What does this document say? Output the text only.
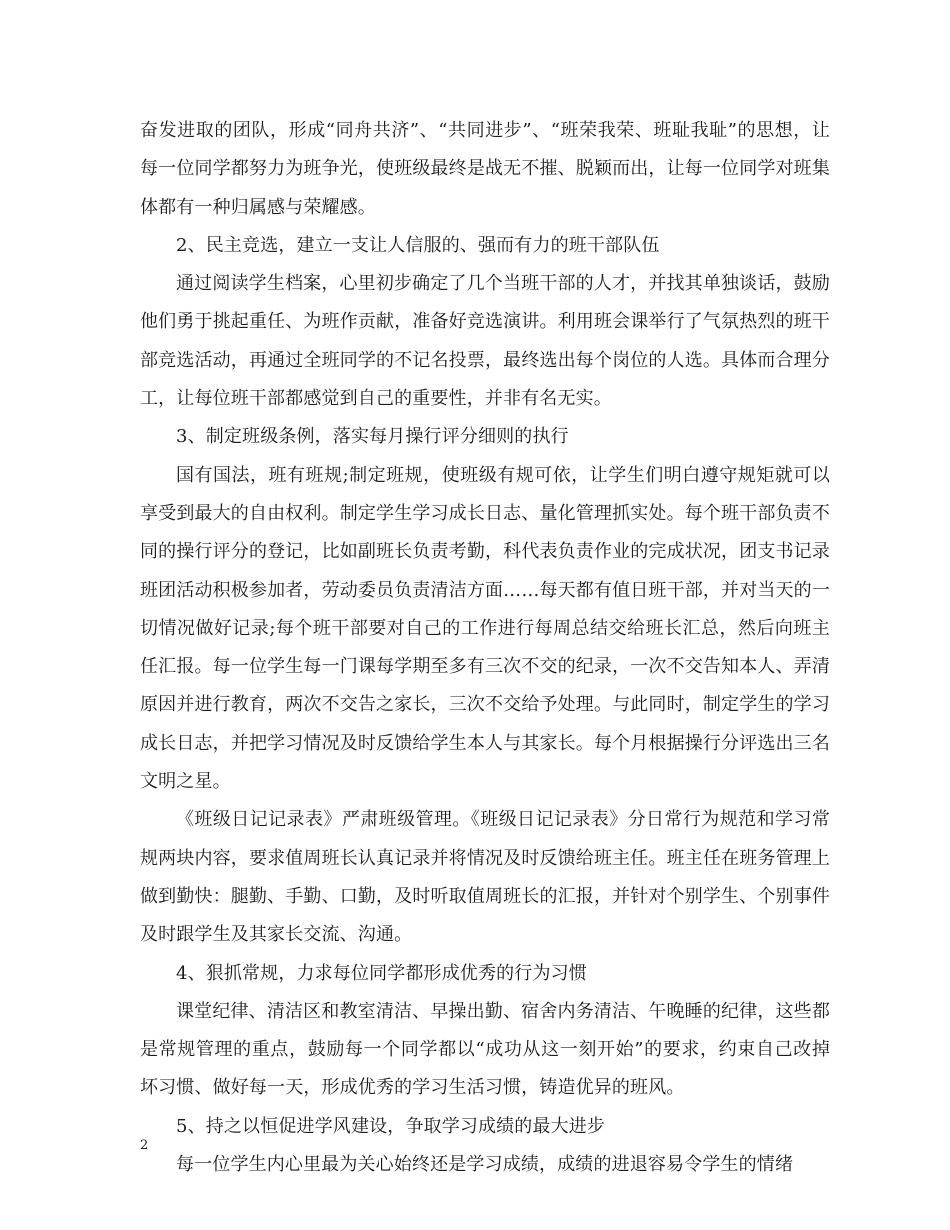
奋发进取的团队，形成“同舟共济”、“共同进步”、“班荣我荣、班耻我耻”的思想，让每一位同学都努力为班争光，使班级最终是战无不摧、脱颖而出，让每一位同学对班集体都有一种归属感与荣耀感。

2、民主竞选，建立一支让人信服的、强而有力的班干部队伍

通过阅读学生档案，心里初步确定了几个当班干部的人才，并找其单独谈话，鼓励他们勇于挑起重任、为班作贡献，准备好竞选演讲。利用班会课举行了气氛热烈的班干部竞选活动，再通过全班同学的不记名投票，最终选出每个岗位的人选。具体而合理分工，让每位班干部都感觉到自己的重要性，并非有名无实。

3、制定班级条例，落实每月操行评分细则的执行

国有国法，班有班规;制定班规，使班级有规可依，让学生们明白遵守规矩就可以享受到最大的自由权利。制定学生学习成长日志、量化管理抓实处。每个班干部负责不同的操行评分的登记，比如副班长负责考勤，科代表负责作业的完成状况，团支书记录班团活动积极参加者，劳动委员负责清洁方面……每天都有值日班干部，并对当天的一切情况做好记录;每个班干部要对自己的工作进行每周总结交给班长汇总，然后向班主任汇报。每一位学生每一门课每学期至多有三次不交的纪录，一次不交告知本人、弄清原因并进行教育，两次不交告之家长，三次不交给予处理。与此同时，制定学生的学习成长日志，并把学习情况及时反馈给学生本人与其家长。每个月根据操行分评选出三名文明之星。

《班级日记记录表》严肃班级管理。《班级日记记录表》分日常行为规范和学习常规两块内容，要求值周班长认真记录并将情况及时反馈给班主任。班主任在班务管理上做到勤快：腿勤、手勤、口勤，及时听取值周班长的汇报，并针对个别学生、个别事件及时跟学生及其家长交流、沟通。

4、狠抓常规，力求每位同学都形成优秀的行为习惯

课堂纪律、清洁区和教室清洁、早操出勤、宿舍内务清洁、午晚睡的纪律，这些都是常规管理的重点，鼓励每一个同学都以“成功从这一刻开始”的要求，约束自己改掉坏习惯、做好每一天，形成优秀的学习生活习惯，铸造优异的班风。

5、持之以恒促进学风建设，争取学习成绩的最大进步

每一位学生内心里最为关心始终还是学习成绩，成绩的进退容易令学生的情绪

2
